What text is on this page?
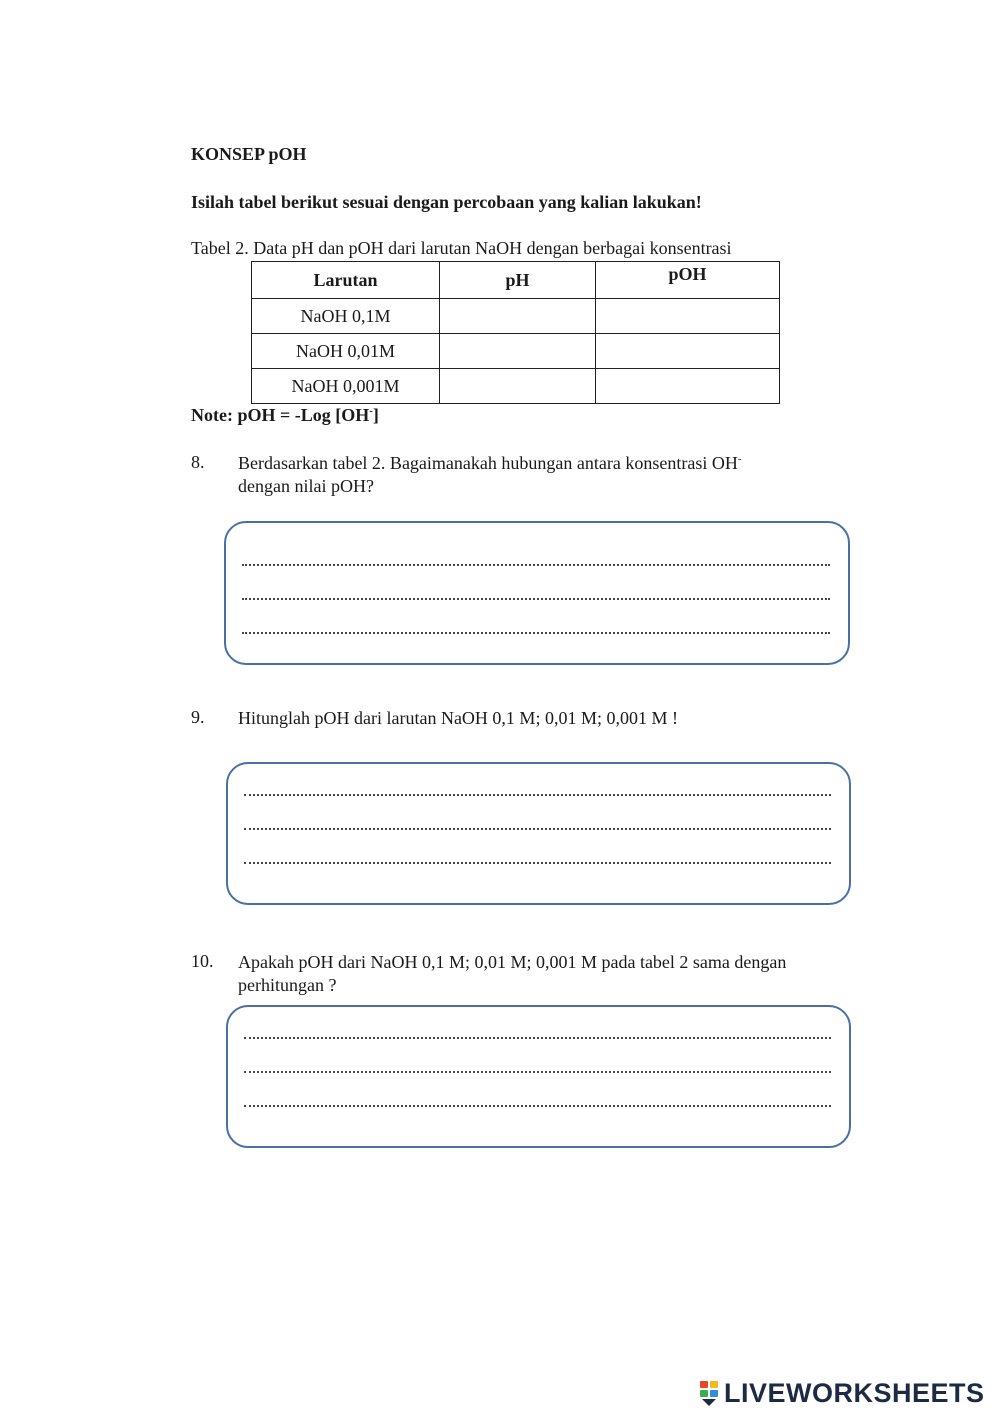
KONSEP pOH
Isilah tabel berikut sesuai dengan percobaan yang kalian lakukan!
Tabel 2. Data pH dan pOH dari larutan NaOH dengan berbagai konsentrasi
Larutan	pH	pOH
NaOH 0,1M		
NaOH 0,01M		
NaOH 0,001M		
Note: pOH = -Log [OH-]
8. Berdasarkan tabel 2. Bagaimanakah hubungan antara konsentrasi OH-
dengan nilai pOH?
9. Hitunglah pOH dari larutan NaOH 0,1 M; 0,01 M; 0,001 M !
10. Apakah pOH dari NaOH 0,1 M; 0,01 M; 0,001 M pada tabel 2 sama dengan perhitungan ?
LIVEWORKSHEETS
